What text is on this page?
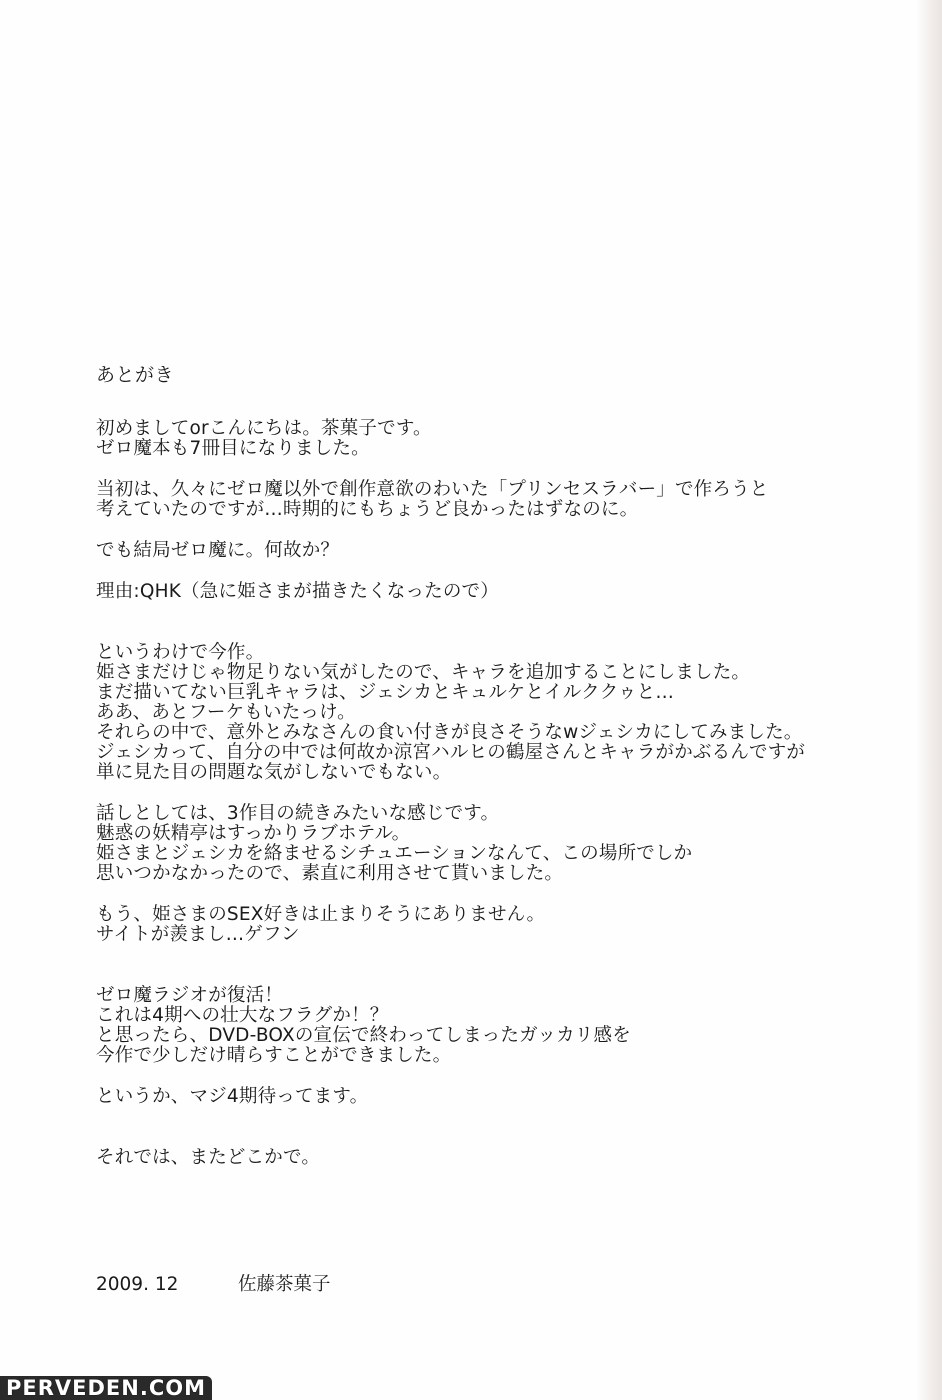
あとがき

初めましてorこんにちは。茶菓子です。
ゼロ魔本も7冊目になりました。

当初は、久々にゼロ魔以外で創作意欲のわいた「プリンセスラバー」で作ろうと
考えていたのですが…時期的にもちょうど良かったはずなのに。

でも結局ゼロ魔に。何故か？

理由:QHK（急に姫さまが描きたくなったので）

というわけで今作。
姫さまだけじゃ物足りない気がしたので、キャラを追加することにしました。
まだ描いてない巨乳キャラは、ジェシカとキュルケとイルククゥと…
ああ、あとフーケもいたっけ。
それらの中で、意外とみなさんの食い付きが良さそうなwジェシカにしてみました。
ジェシカって、自分の中では何故か涼宮ハルヒの鶴屋さんとキャラがかぶるんですが
単に見た目の問題な気がしないでもない。

話しとしては、3作目の続きみたいな感じです。
魅惑の妖精亭はすっかりラブホテル。
姫さまとジェシカを絡ませるシチュエーションなんて、この場所でしか
思いつかなかったので、素直に利用させて貰いました。

もう、姫さまのSEX好きは止まりそうにありません。
サイトが羨まし…ゲフン

ゼロ魔ラジオが復活！
これは4期への壮大なフラグか！？
と思ったら、DVD-BOXの宣伝で終わってしまったガッカリ感を
今作で少しだけ晴らすことができました。

というか、マジ4期待ってます。

それでは、またどこかで。

2009. 12	佐藤茶菓子
PERVEDEN.COM
